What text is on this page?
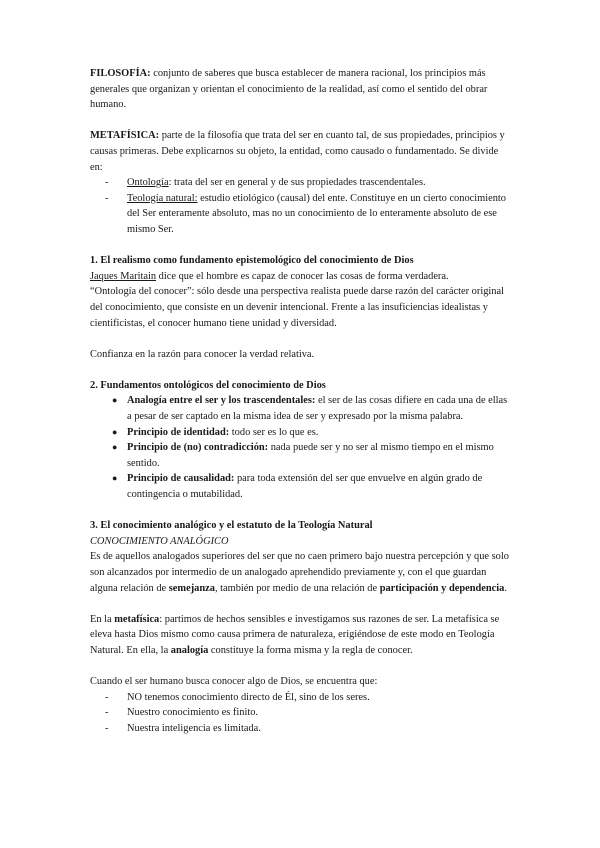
FILOSOFÍA: conjunto de saberes que busca establecer de manera racional, los principios más generales que organizan y orientan el conocimiento de la realidad, así como el sentido del obrar humano.

METAFÍSICA: parte de la filosofía que trata del ser en cuanto tal, de sus propiedades, principios y causas primeras. Debe explicarnos su objeto, la entidad, como causado o fundamentado. Se divide en:

- Ontología: trata del ser en general y de sus propiedades trascendentales.
- Teología natural: estudio etiológico (causal) del ente. Constituye en un cierto conocimiento del Ser enteramente absoluto, mas no un conocimiento de lo enteramente absoluto de ese mismo Ser.

1. El realismo como fundamento epistemológico del conocimiento de Dios

Jaques Maritain dice que el hombre es capaz de conocer las cosas de forma verdadera.

“Ontología del conocer”: sólo desde una perspectiva realista puede darse razón del carácter original del conocimiento, que consiste en un devenir intencional. Frente a las insuficiencias idealistas y cientificistas, el conocer humano tiene unidad y diversidad.

Confianza en la razón para conocer la verdad relativa.

2. Fundamentos ontológicos del conocimiento de Dios

● Analogía entre el ser y los trascendentales: el ser de las cosas difiere en cada una de ellas a pesar de ser captado en la misma idea de ser y expresado por la misma palabra.
● Principio de identidad: todo ser es lo que es.
● Principio de (no) contradicción: nada puede ser y no ser al mismo tiempo en el mismo sentido.
● Principio de causalidad: para toda extensión del ser que envuelve en algún grado de contingencia o mutabilidad.

3. El conocimiento analógico y el estatuto de la Teología Natural

CONOCIMIENTO ANALÓGICO

Es de aquellos analogados superiores del ser que no caen primero bajo nuestra percepción y que solo son alcanzados por intermedio de un analogado aprehendido previamente y, con el que guardan alguna relación de semejanza, también por medio de una relación de participación y dependencia.

En la metafísica: partimos de hechos sensibles e investigamos sus razones de ser. La metafísica se eleva hasta Dios mismo como causa primera de naturaleza, erigiéndose de este modo en Teología Natural. En ella, la analogía constituye la forma misma y la regla de conocer.

Cuando el ser humano busca conocer algo de Dios, se encuentra que:

- NO tenemos conocimiento directo de Él, sino de los seres.
- Nuestro conocimiento es finito.
- Nuestra inteligencia es limitada.
